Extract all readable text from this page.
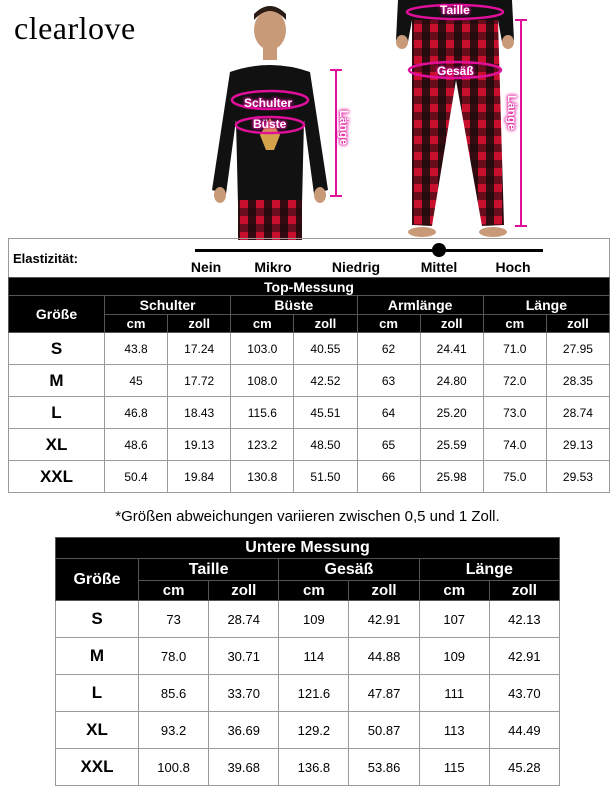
clearlove
Schulter
Büste	Länge
Taille
Gesäß
Länge
Elastizität:
Nein Mikro	Niedrig	Mittel	Hoch
Top-Messung								
Größe	Schulter		Büste		Armlänge		Länge	
	cm	zoll	cm	zoll	cm	zoll	cm	zoll
S	43.8	17.24	103.0	40.55	62	24.41	71.0	27.95
M	45	17.72	108.0	42.52	63	24.80	72.0	28.35
L	46.8	18.43	115.6	45.51	64	25.20	73.0	28.74
XL	48.6	19.13	123.2	48.50	65	25.59	74.0	29.13
XXL	50.4	19.84	130.8	51.50	66	25.98	75.0	29.53
*Größen abweichungen variieren zwischen 0,5 und 1 Zoll.
Untere Messung						
Größe	Taille		Gesäß		Länge	
	cm	zoll	cm	zoll	cm	zoll
S	73	28.74	109	42.91	107	42.13
M	78.0	30.71	114	44.88	109	42.91
L	85.6	33.70	121.6	47.87	111	43.70
XL	93.2	36.69	129.2	50.87	113	44.49
XXL	100.8	39.68	136.8	53.86	115	45.28
